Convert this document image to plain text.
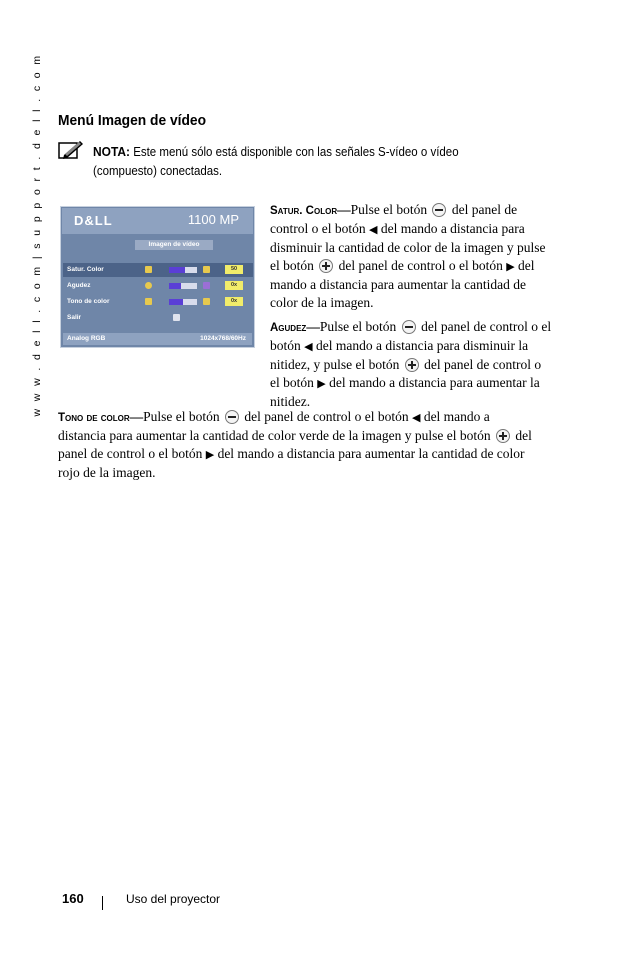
w w w . d e l l . c o m | s u p p o r t . d e l l . c o m Menú Imagen de vídeo
NOTA: Este menú sólo está disponible con las señales S-vídeo o vídeo (compuesto) conectadas.
D&LL	1100 MP
Imagen de vídeo
Satur. Color	50
Agudez	0x
Tono de color	0x
Salir
Analog RGB	1024x768/60Hz

Satur. Color—Pulse el botón  del panel de control o el botón ◀ del mando a distancia para disminuir la cantidad de color de la imagen y pulse el botón  del panel de control o el botón ▶ del mando a distancia para aumentar la cantidad de color de la imagen.

Agudez—Pulse el botón  del panel de control o el botón ◀ del mando a distancia para disminuir la nitidez, y pulse el botón  del panel de control o el botón ▶ del mando a distancia para aumentar la nitidez.

Tono de color—Pulse el botón  del panel de control o el botón ◀ del mando a distancia para aumentar la cantidad de color verde de la imagen y pulse el botón  del panel de control o el botón ▶ del mando a distancia para aumentar la cantidad de color rojo de la imagen.

160	Uso del proyector
